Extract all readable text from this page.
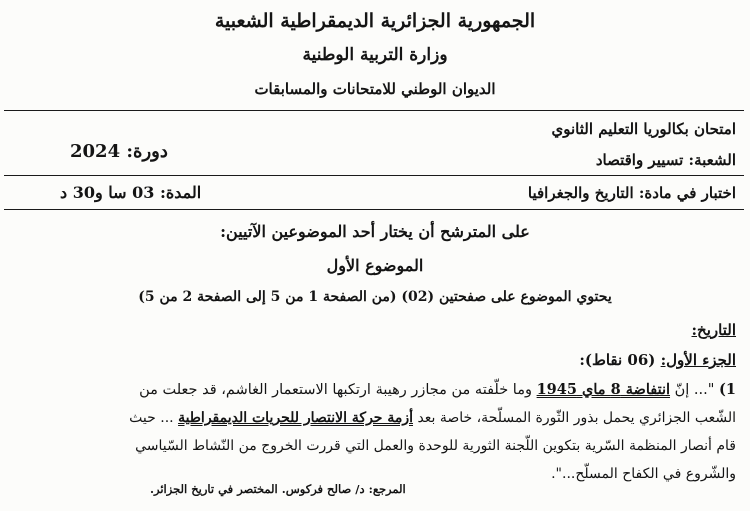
الجمهورية الجزائرية الديمقراطية الشعبية
وزارة التربية الوطنية
الديوان الوطني للامتحانات والمسابقات
امتحان بكالوريا التعليم الثانوي
دورة: 2024	الشعبة: تسيير واقتصاد
اختبار في مادة: التاريخ والجغرافيا
المدة: 03 سا و30 د
على المترشح أن يختار أحد الموضوعين الآتيين:
الموضوع الأول
يحتوي الموضوع على صفحتين (02) (من الصفحة 1 من 5 إلى الصفحة 2 من 5)
التاريخ:
الجزء الأول: (06 نقاط):
1) "... إنّ انتفاضة 8 ماي 1945 وما خلّفته من مجازر رهيبة ارتكبها الاستعمار الغاشم، قد جعلت من
الشّعب الجزائري يحمل بذور الثّورة المسلّحة، خاصة بعد أزمة حركة الانتصار للحريات الديمقراطية ... حيث
قام أنصار المنظمة السّرية بتكوين اللّجنة الثورية للوحدة والعمل التي قررت الخروج من النّشاط السّياسي
والشّروع في الكفاح المسلّح...".
المرجع: د/ صالح فركوس. المختصر في تاريخ الجزائر.
